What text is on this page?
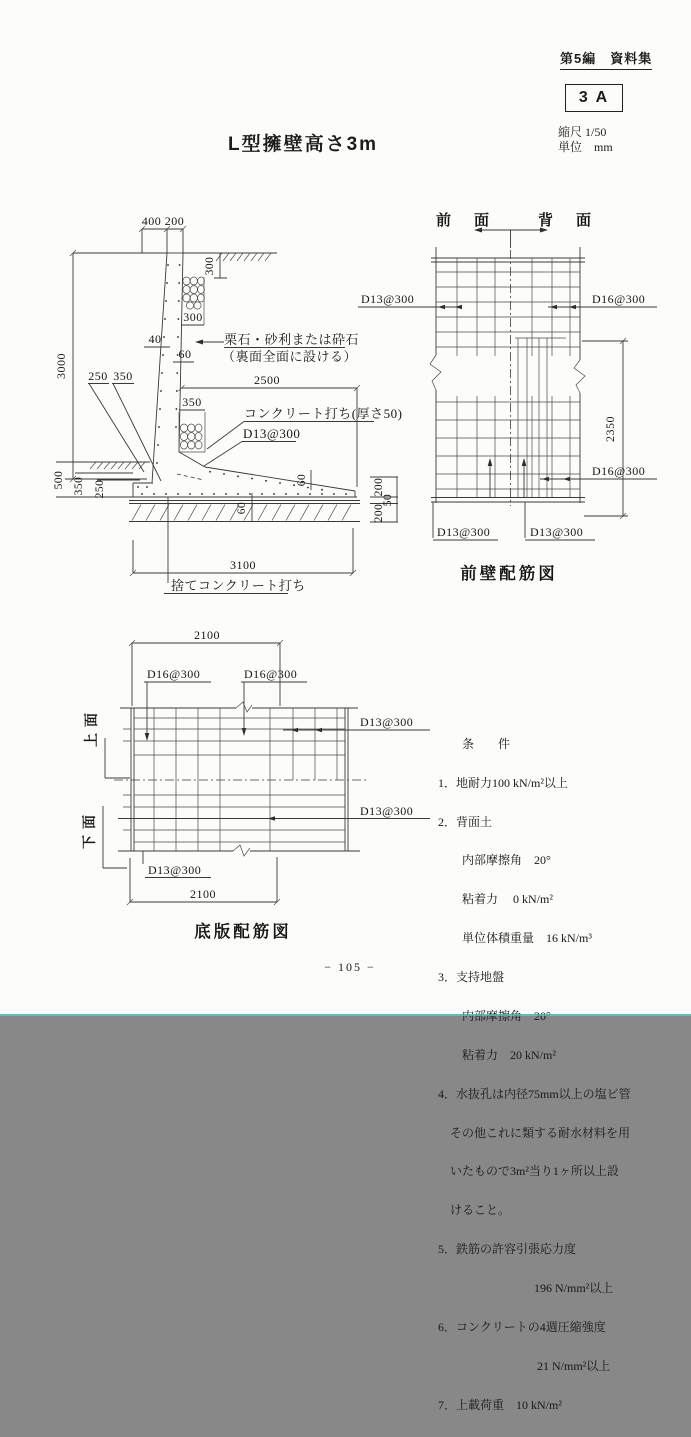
第5編　資料集
3 A
L型擁壁高さ3m
縮尺 1/50
単位　mm
400 200
300
300
40
60
栗石・砂利または砕石
（裏面全面に設ける）
2500
350
コンクリート打ち(厚さ50)
D13@300
3000 250 350
500 350 250	60
60
200
50
200
3100
捨てコンクリート打ち
前　面	背　面
2350
D13@300	D16@300
D16@300
D13@300	D13@300
前壁配筋図
2100
D16@300	D16@300
D13@300
D13@300
D13@300
2100
上面
下面
底版配筋図

　　条　　件

1．地耐力100 kN/m²以上

2．背面土

　　内部摩擦角　20°

　　粘着力　 0 kN/m²

　　単位体積重量　16 kN/m³

3．支持地盤

　　粘着力　20 kN/m²

4．水抜孔は内径75mm以上の塩ビ管

　その他これに類する耐水材料を用

　いたもので3m²当り1ヶ所以上設

　けること。

5．鉄筋の許容引張応力度

　　　　　　　　196 N/mm²以上

6．コンクリートの4週圧縮強度

　　　　　　　　 21 N/mm²以上

7．上載荷重　10 kN/m²

− 105 −
